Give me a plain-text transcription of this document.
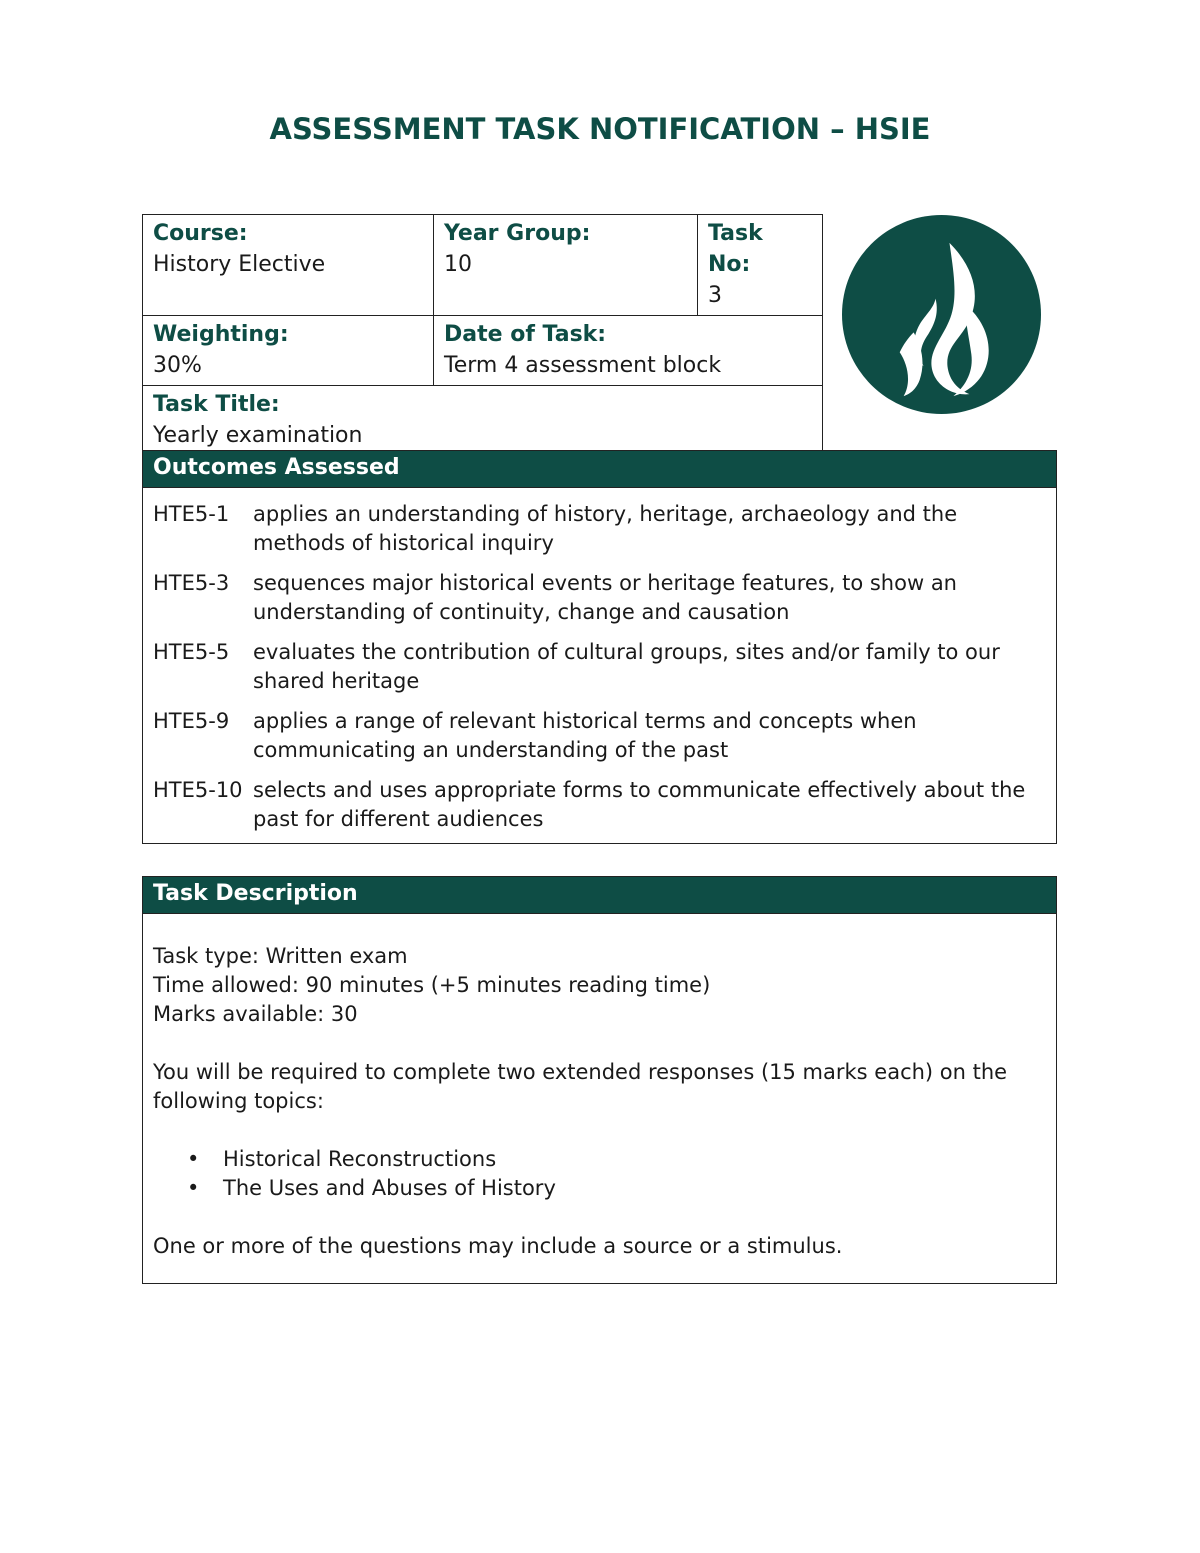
ASSESSMENT TASK NOTIFICATION – HSIE
Course:
History Elective	Year Group:
10	Task No:
3

Weighting:
30%	Date of Task:
Term 4 assessment block	

Task Title:
Yearly examination		
Outcomes Assessed
HTE5-1	applies an understanding of history, heritage, archaeology and the methods of historical inquiry
HTE5-3	sequences major historical events or heritage features, to show an understanding of continuity, change and causation
HTE5-5	evaluates the contribution of cultural groups, sites and/or family to our shared heritage
HTE5-9	applies a range of relevant historical terms and concepts when communicating an understanding of the past
HTE5-10 selects and uses appropriate forms to communicate effectively about the past for different audiences
Task Description

Task type: Written exam

Time allowed: 90 minutes (+5 minutes reading time)

Marks available: 30

You will be required to complete two extended responses (15 marks each) on the following topics:

•	Historical Reconstructions
•	The Uses and Abuses of History

One or more of the questions may include a source or a stimulus.
